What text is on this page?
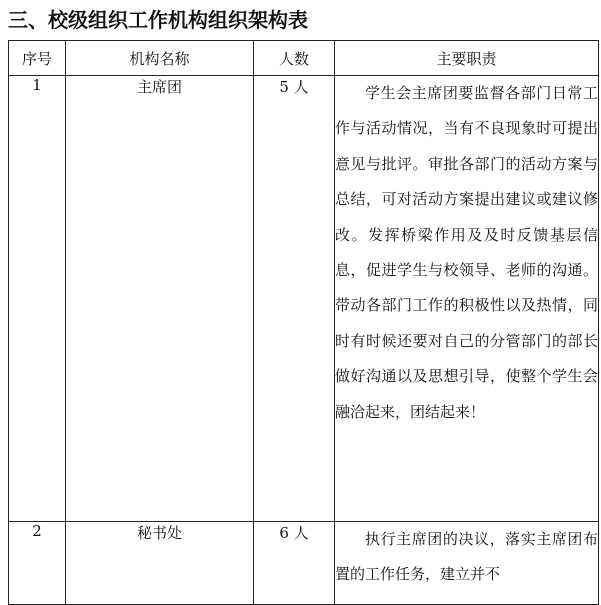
三、校级组织工作机构组织架构表
序号	机构名称	人数	主要职责
1	主席团	5 人	学生会主席团要监督各部门日常工作与活动情况，当有不良现象时可提出意见与批评。审批各部门的活动方案与总结，可对活动方案提出建议或建议修改。发挥桥梁作用及及时反馈基层信息，促进学生与校领导、老师的沟通。带动各部门工作的积极性以及热情，同时有时候还要对自己的分管部门的部长做好沟通以及思想引导，使整个学生会融洽起来，团结起来！
2	秘书处	6 人	执行主席团的决议，落实主席团布置的工作任务，建立并不
